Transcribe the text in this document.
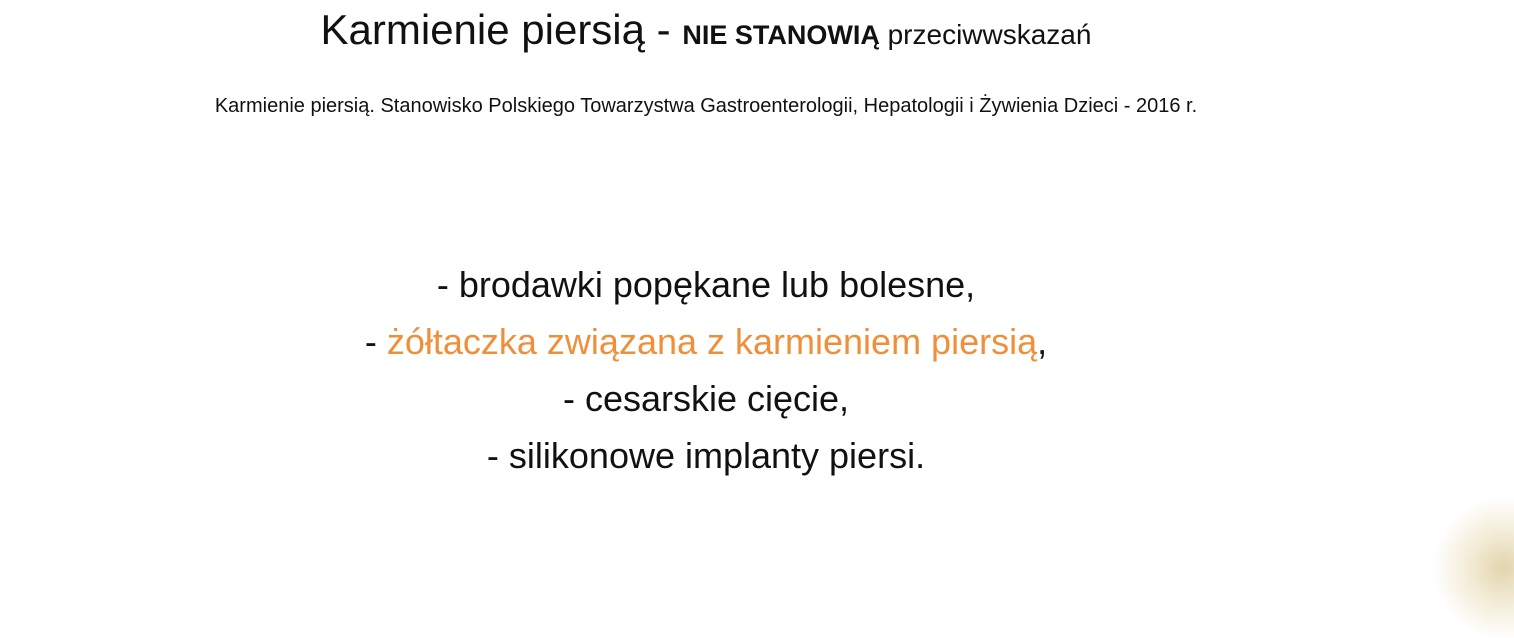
Karmienie piersią - NIE STANOWIĄ przeciwwskazań
Karmienie piersią. Stanowisko Polskiego Towarzystwa Gastroenterologii, Hepatologii i Żywienia Dzieci - 2016 r.
- brodawki popękane lub bolesne,
- żółtaczka związana z karmieniem piersią,
- cesarskie cięcie,
- silikonowe implanty piersi.
